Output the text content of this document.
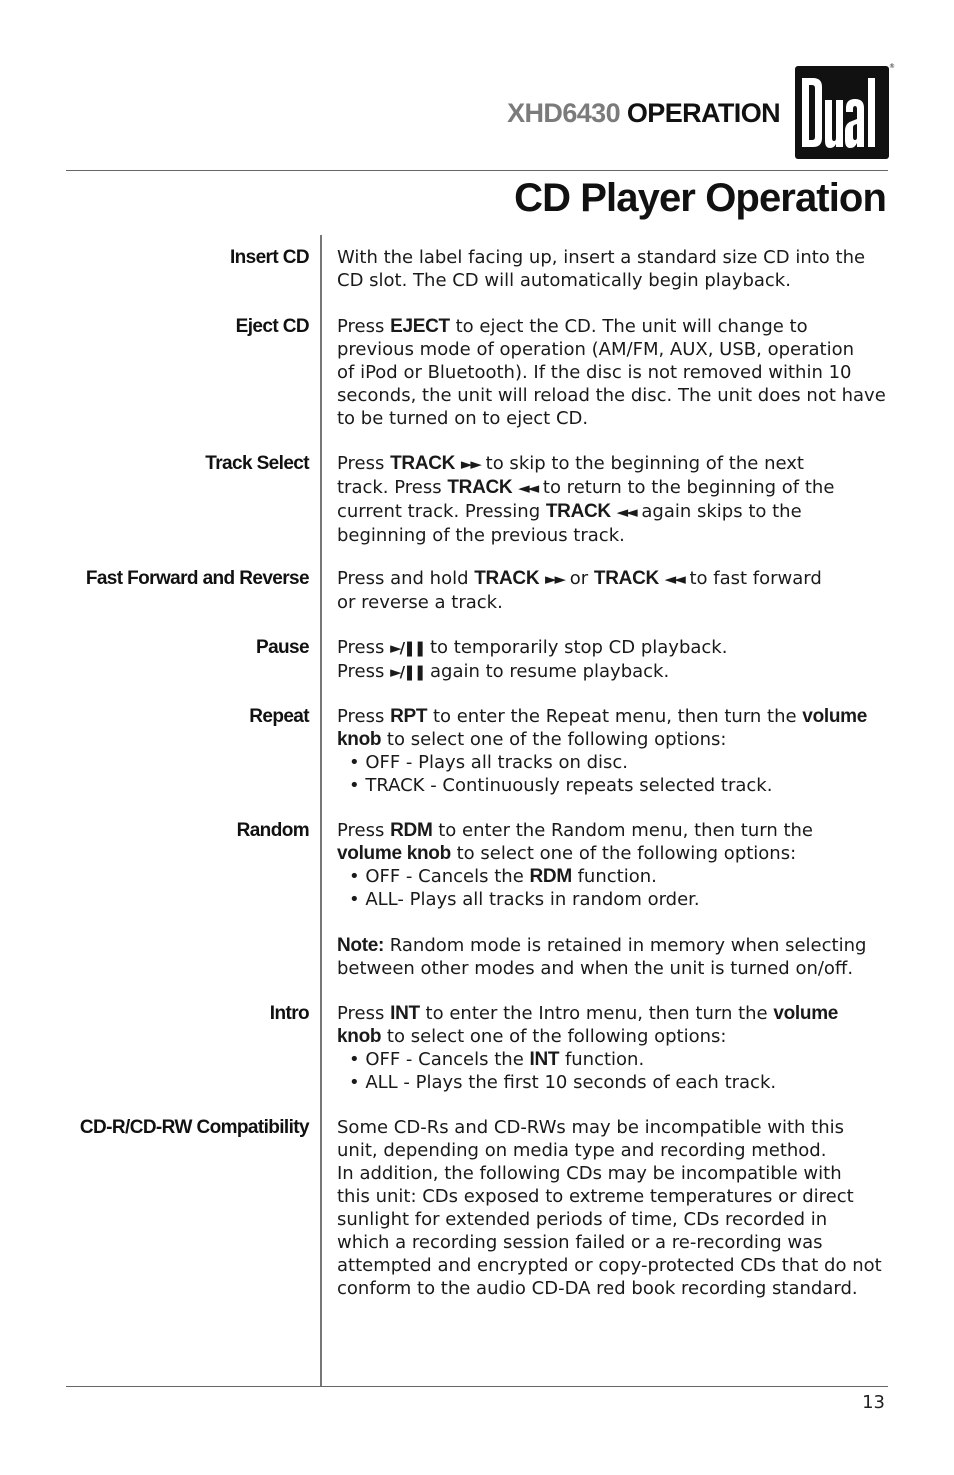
XHD6430 OPERATION
®
CD Player Operation
Insert CD With the label facing up, insert a standard size CD into the
CD slot. The CD will automatically begin playback.
Eject CD Press EJECT to eject the CD. The unit will change to
previous mode of operation (AM/FM, AUX, USB, operation
of iPod or Bluetooth). If the disc is not removed within 10
seconds, the unit will reload the disc. The unit does not have
to be turned on to eject CD.
Track Select Press TRACK ►► to skip to the beginning of the next
track. Press TRACK ◄◄ to return to the beginning of the
current track. Pressing TRACK ◄◄ again skips to the
beginning of the previous track.
Fast Forward and Reverse Press and hold TRACK ►► or TRACK ◄◄ to fast forward
or reverse a track.
Pause Press ►/❚❚ to temporarily stop CD playback.
Press ►/❚❚ again to resume playback.
Repeat Press RPT to enter the Repeat menu, then turn the volume
knob to select one of the following options:
• OFF - Plays all tracks on disc.
• TRACK - Continuously repeats selected track.
Random Press RDM to enter the Random menu, then turn the
volume knob to select one of the following options:
• OFF - Cancels the RDM function.
• ALL- Plays all tracks in random order.
Note: Random mode is retained in memory when selecting
between other modes and when the unit is turned on/off.
Intro Press INT to enter the Intro menu, then turn the volume
knob to select one of the following options:
• OFF - Cancels the INT function.
• ALL - Plays the first 10 seconds of each track.
CD-R/CD-RW Compatibility Some CD-Rs and CD-RWs may be incompatible with this
unit, depending on media type and recording method.
In addition, the following CDs may be incompatible with
this unit: CDs exposed to extreme temperatures or direct
sunlight for extended periods of time, CDs recorded in
which a recording session failed or a re-recording was
attempted and encrypted or copy-protected CDs that do not
conform to the audio CD-DA red book recording standard.
13
